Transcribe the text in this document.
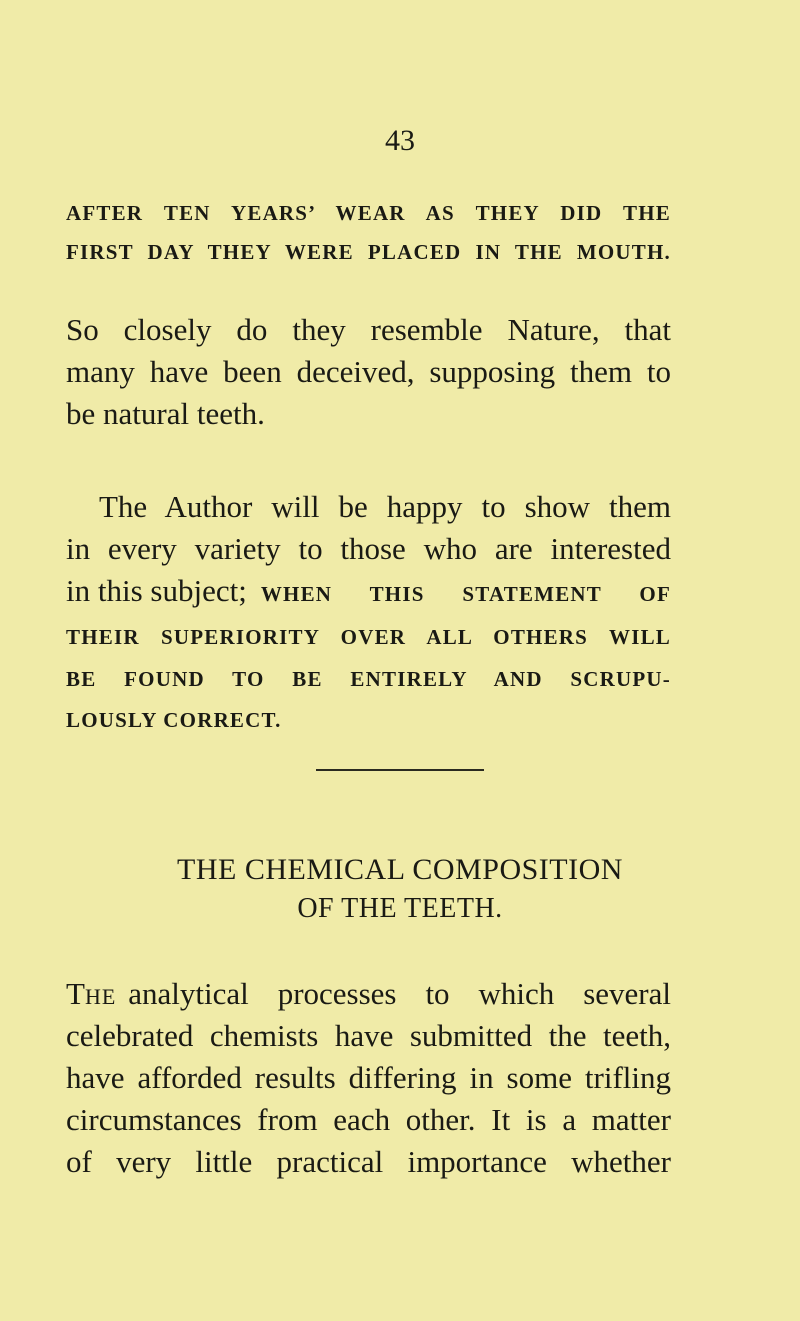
43
AFTER TEN YEARS’ WEAR AS THEY DID THE
FIRST DAY THEY WERE PLACED IN THE MOUTH.
So closely do they resemble Nature, that
many have been deceived, supposing them to
be natural teeth.
The Author will be happy to show them
in every variety to those who are interested
in this subject; WHEN THIS STATEMENT OF
THEIR SUPERIORITY OVER ALL OTHERS WILL
BE FOUND TO BE ENTIRELY AND SCRUPU-
LOUSLY CORRECT.
THE CHEMICAL COMPOSITION
OF THE TEETH.
T HE analytical processes to which several
celebrated chemists have submitted the teeth,
have afforded results differing in some trifling
circumstances from each other. It is a matter
of very little practical importance whether
